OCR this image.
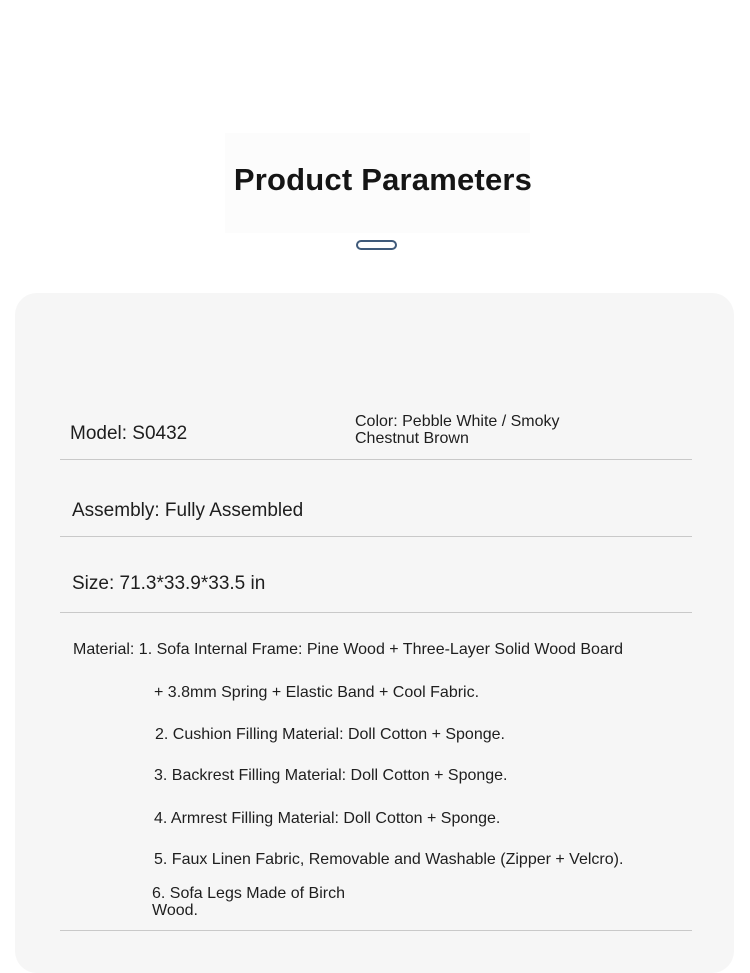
Product Parameters
Model: S0432
Color: Pebble White / Smoky
Chestnut Brown
Assembly: Fully Assembled
Size: 71.3*33.9*33.5 in
Material: 1. Sofa Internal Frame: Pine Wood + Three-Layer Solid Wood Board
+ 3.8mm Spring + Elastic Band + Cool Fabric.
2. Cushion Filling Material: Doll Cotton + Sponge.
3. Backrest Filling Material: Doll Cotton + Sponge.
4. Armrest Filling Material: Doll Cotton + Sponge.
5. Faux Linen Fabric, Removable and Washable (Zipper + Velcro).
6. Sofa Legs Made of Birch
Wood.
